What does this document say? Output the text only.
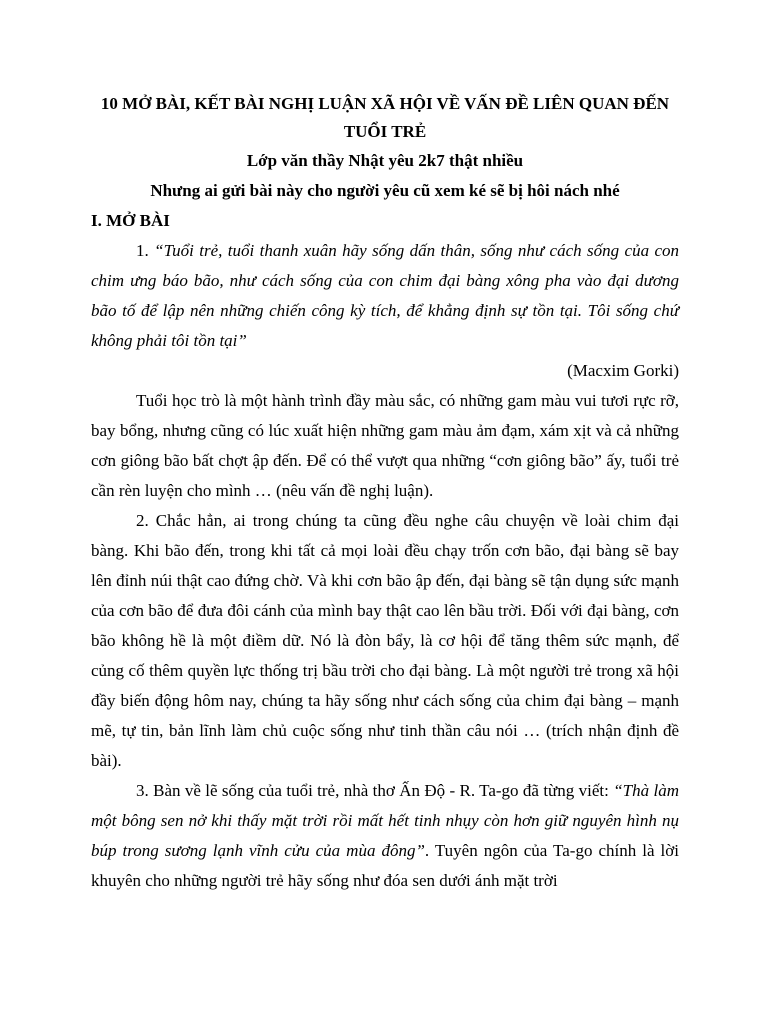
10 MỞ BÀI, KẾT BÀI NGHỊ LUẬN XÃ HỘI VỀ VẤN ĐỀ LIÊN QUAN ĐẾN TUỔI TRẺ

Lớp văn thầy Nhật yêu 2k7 thật nhiều

Nhưng ai gửi bài này cho người yêu cũ xem ké sẽ bị hôi nách nhé

I. MỞ BÀI

1. “Tuổi trẻ, tuổi thanh xuân hãy sống dấn thân, sống như cách sống của con chim ưng báo bão, như cách sống của con chim đại bàng xông pha vào đại dương bão tố để lập nên những chiến công kỳ tích, để khẳng định sự tồn tại. Tôi sống chứ không phải tôi tồn tại”

(Macxim Gorki)

Tuổi học trò là một hành trình đầy màu sắc, có những gam màu vui tươi rực rỡ, bay bổng, nhưng cũng có lúc xuất hiện những gam màu ảm đạm, xám xịt và cả những cơn giông bão bất chợt ập đến. Để có thể vượt qua những “cơn giông bão” ấy, tuổi trẻ cần rèn luyện cho mình … (nêu vấn đề nghị luận).

2. Chắc hẳn, ai trong chúng ta cũng đều nghe câu chuyện về loài chim đại bàng. Khi bão đến, trong khi tất cả mọi loài đều chạy trốn cơn bão, đại bàng sẽ bay lên đỉnh núi thật cao đứng chờ. Và khi cơn bão ập đến, đại bàng sẽ tận dụng sức mạnh của cơn bão để đưa đôi cánh của mình bay thật cao lên bầu trời. Đối với đại bàng, cơn bão không hề là một điềm dữ. Nó là đòn bẩy, là cơ hội để tăng thêm sức mạnh, để củng cố thêm quyền lực thống trị bầu trời cho đại bàng. Là một người trẻ trong xã hội đầy biến động hôm nay, chúng ta hãy sống như cách sống của chim đại bàng – mạnh mẽ, tự tin, bản lĩnh làm chủ cuộc sống như tinh thần câu nói … (trích nhận định đề bài).

3. Bàn về lẽ sống của tuổi trẻ, nhà thơ Ấn Độ - R. Ta-go đã từng viết: “Thà làm một bông sen nở khi thấy mặt trời rồi mất hết tinh nhụy còn hơn giữ nguyên hình nụ búp trong sương lạnh vĩnh cửu của mùa đông”. Tuyên ngôn của Ta-go chính là lời khuyên cho những người trẻ hãy sống như đóa sen dưới ánh mặt trời
